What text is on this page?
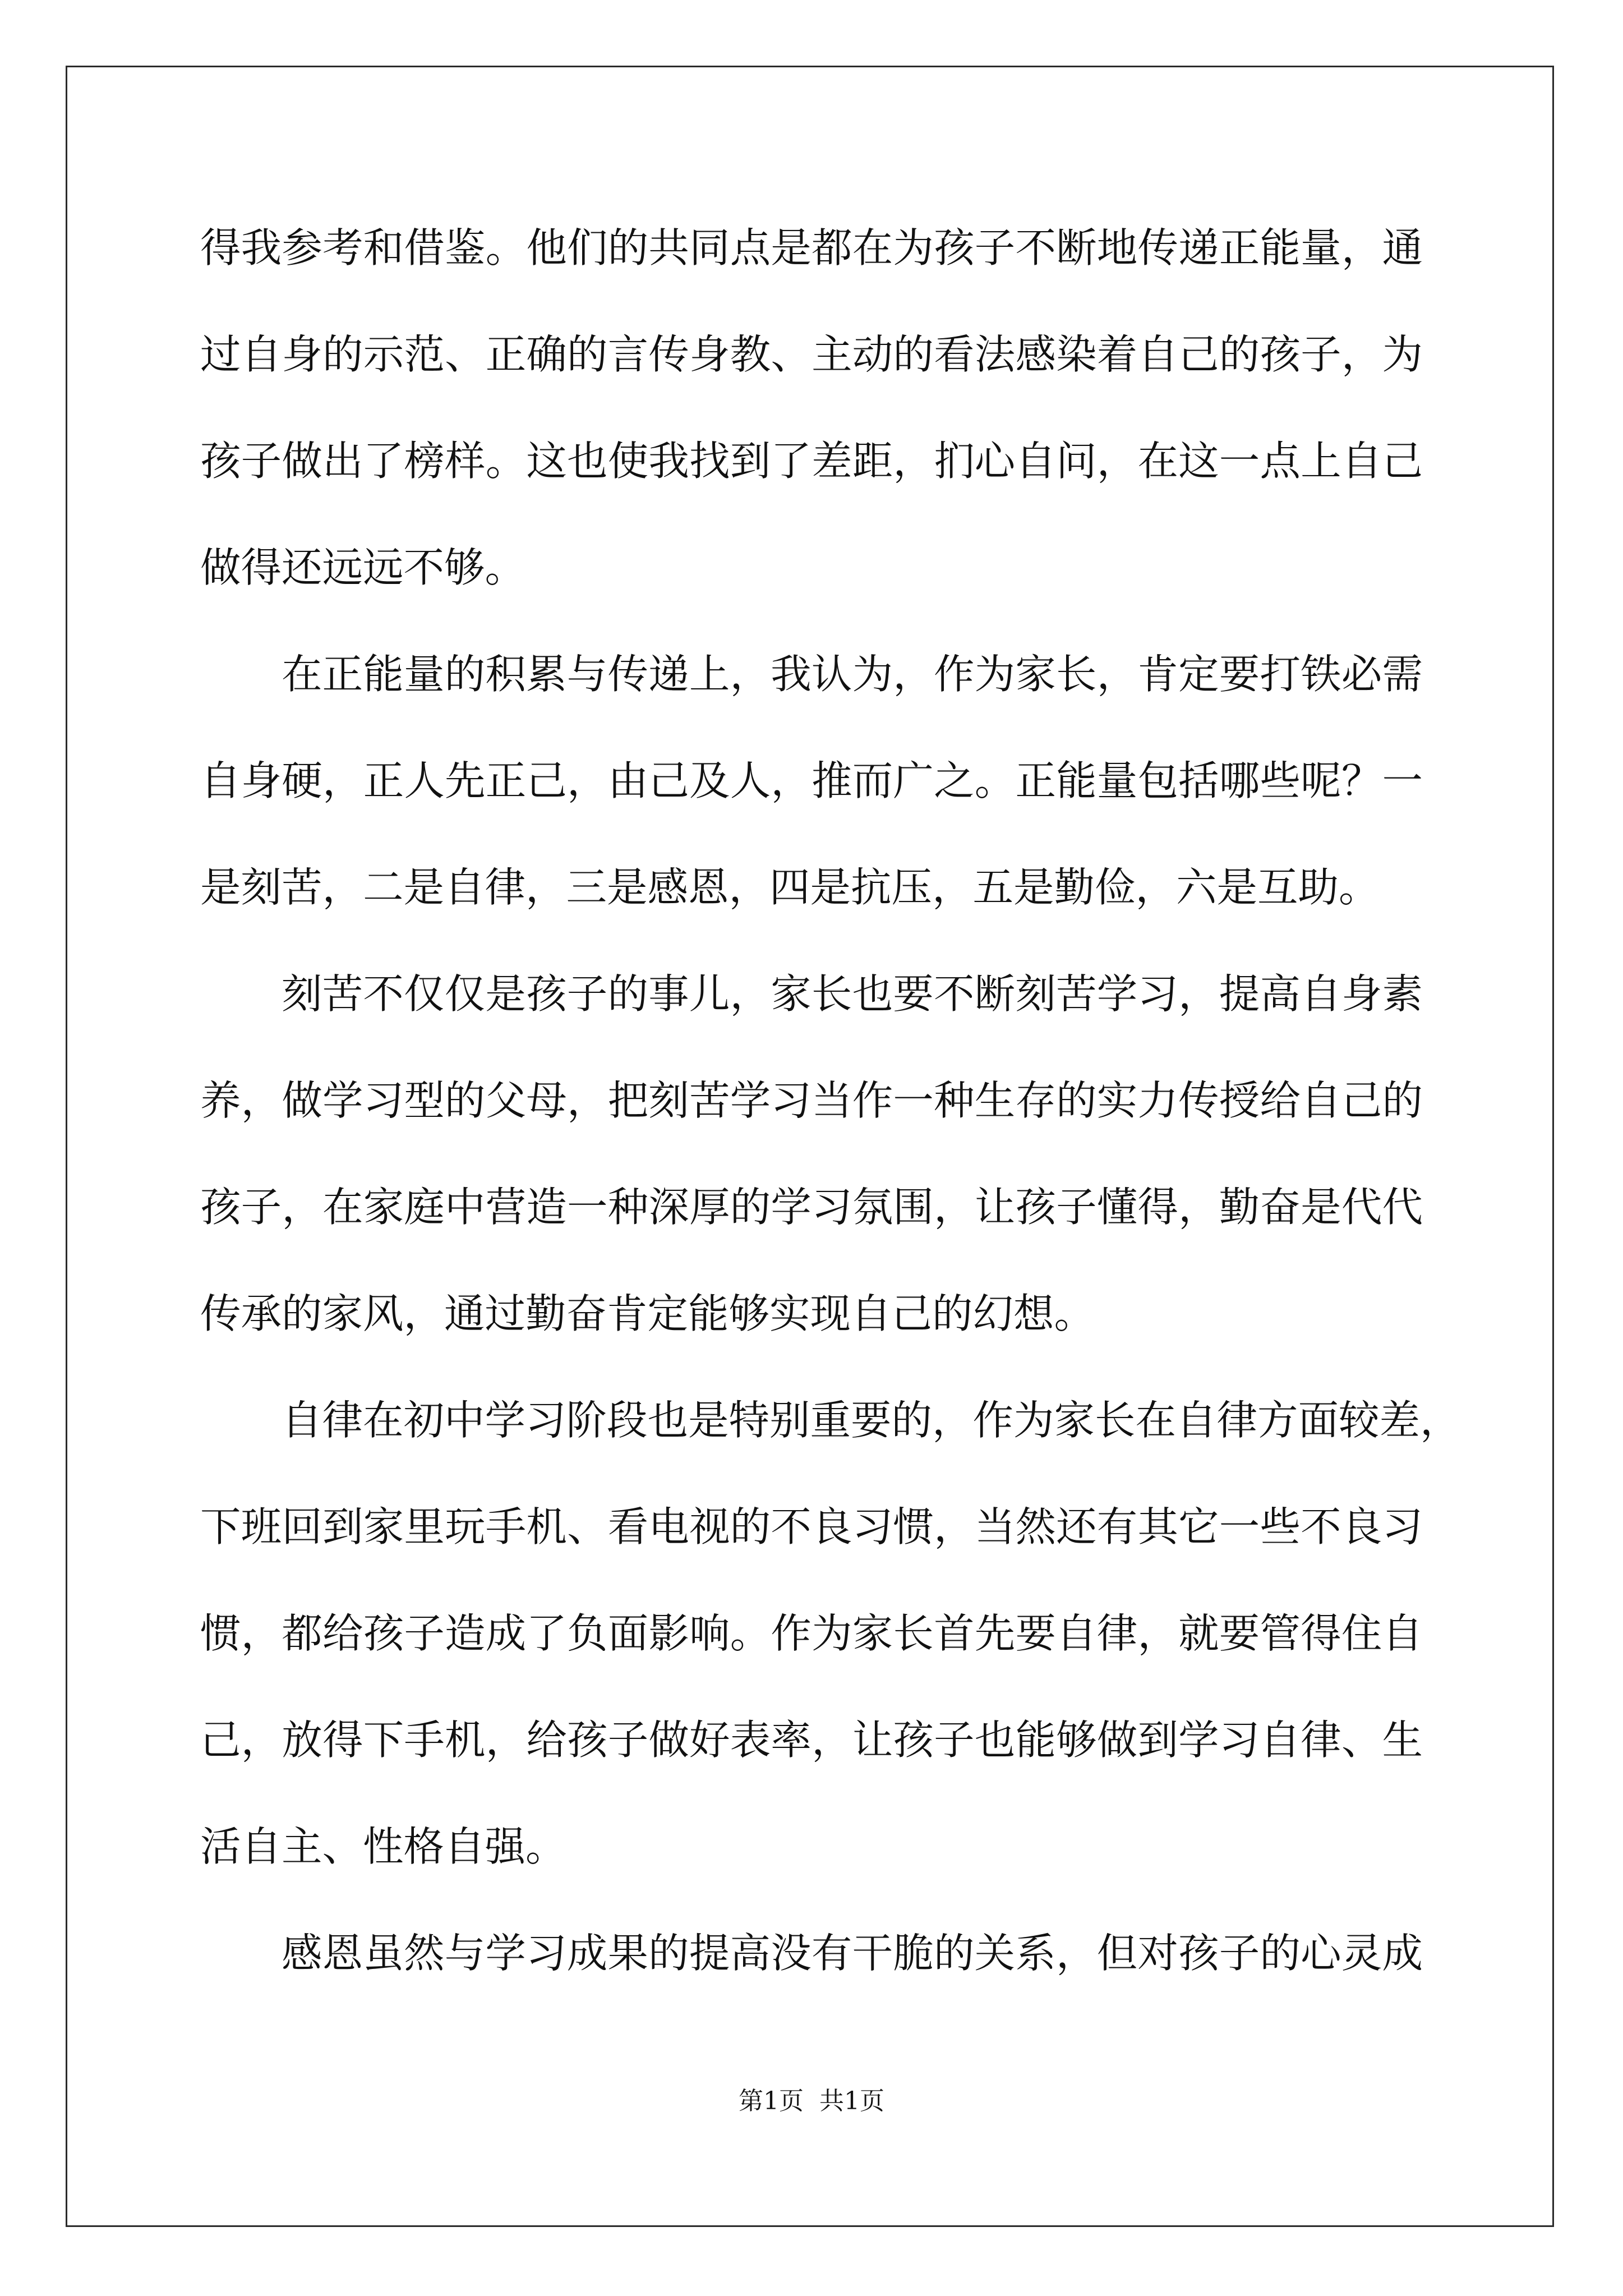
得我参考和借鉴。他们的共同点是都在为孩子不断地传递正能量，通
过自身的示范、正确的言传身教、主动的看法感染着自己的孩子，为
孩子做出了榜样。这也使我找到了差距，扪心自问，在这一点上自己
做得还远远不够。
在正能量的积累与传递上，我认为，作为家长，肯定要打铁必需
自身硬，正人先正己，由己及人，推而广之。正能量包括哪些呢？一
是刻苦，二是自律，三是感恩，四是抗压，五是勤俭，六是互助。
刻苦不仅仅是孩子的事儿，家长也要不断刻苦学习，提高自身素
养，做学习型的父母，把刻苦学习当作一种生存的实力传授给自己的
孩子，在家庭中营造一种深厚的学习氛围，让孩子懂得，勤奋是代代
传承的家风，通过勤奋肯定能够实现自己的幻想。
自律在初中学习阶段也是特别重要的，作为家长在自律方面较差，
下班回到家里玩手机、看电视的不良习惯，当然还有其它一些不良习
惯，都给孩子造成了负面影响。作为家长首先要自律，就要管得住自
己，放得下手机，给孩子做好表率，让孩子也能够做到学习自律、生
活自主、性格自强。
感恩虽然与学习成果的提高没有干脆的关系，但对孩子的心灵成
第1页  共1页
